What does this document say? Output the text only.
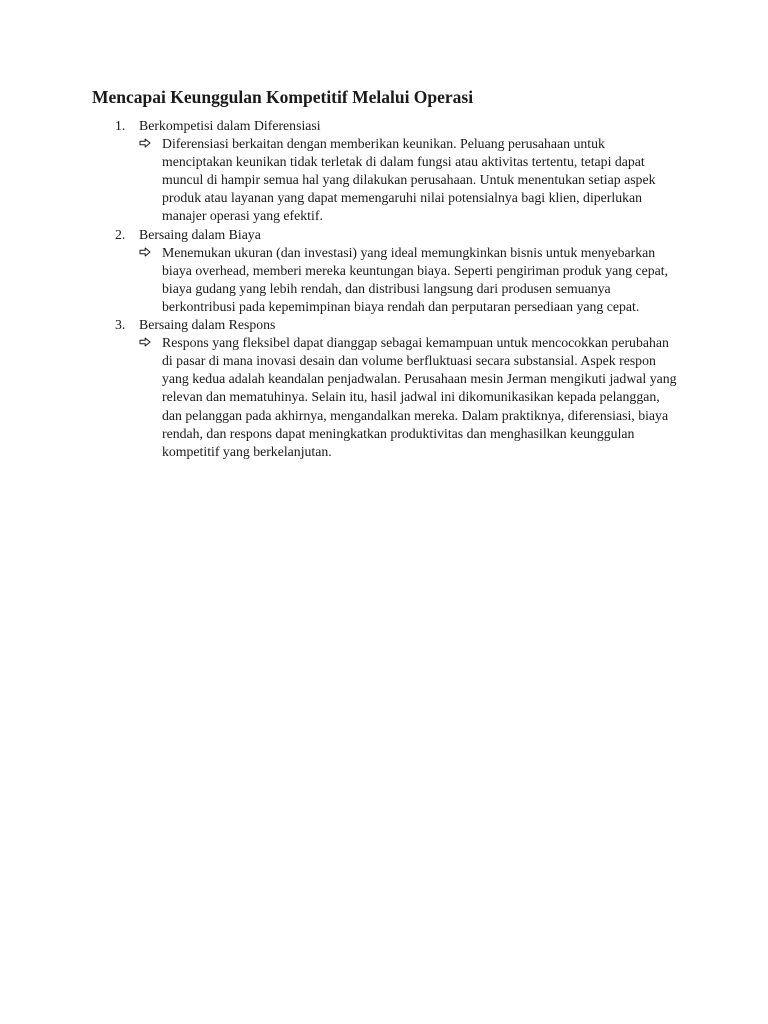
Mencapai Keunggulan Kompetitif Melalui Operasi
1. Berkompetisi dalam Diferensiasi

Diferensiasi berkaitan dengan memberikan keunikan. Peluang perusahaan untuk menciptakan keunikan tidak terletak di dalam fungsi atau aktivitas tertentu, tetapi dapat muncul di hampir semua hal yang dilakukan perusahaan. Untuk menentukan setiap aspek produk atau layanan yang dapat memengaruhi nilai potensialnya bagi klien, diperlukan manajer operasi yang efektif.

2. Bersaing dalam Biaya

Menemukan ukuran (dan investasi) yang ideal memungkinkan bisnis untuk menyebarkan biaya overhead, memberi mereka keuntungan biaya. Seperti pengiriman produk yang cepat, biaya gudang yang lebih rendah, dan distribusi langsung dari produsen semuanya berkontribusi pada kepemimpinan biaya rendah dan perputaran persediaan yang cepat.

3. Bersaing dalam Respons

Respons yang fleksibel dapat dianggap sebagai kemampuan untuk mencocokkan perubahan di pasar di mana inovasi desain dan volume berfluktuasi secara substansial. Aspek respon yang kedua adalah keandalan penjadwalan. Perusahaan mesin Jerman mengikuti jadwal yang relevan dan mematuhinya. Selain itu, hasil jadwal ini dikomunikasikan kepada pelanggan, dan pelanggan pada akhirnya, mengandalkan mereka. Dalam praktiknya, diferensiasi, biaya rendah, dan respons dapat meningkatkan produktivitas dan menghasilkan keunggulan kompetitif yang berkelanjutan.
